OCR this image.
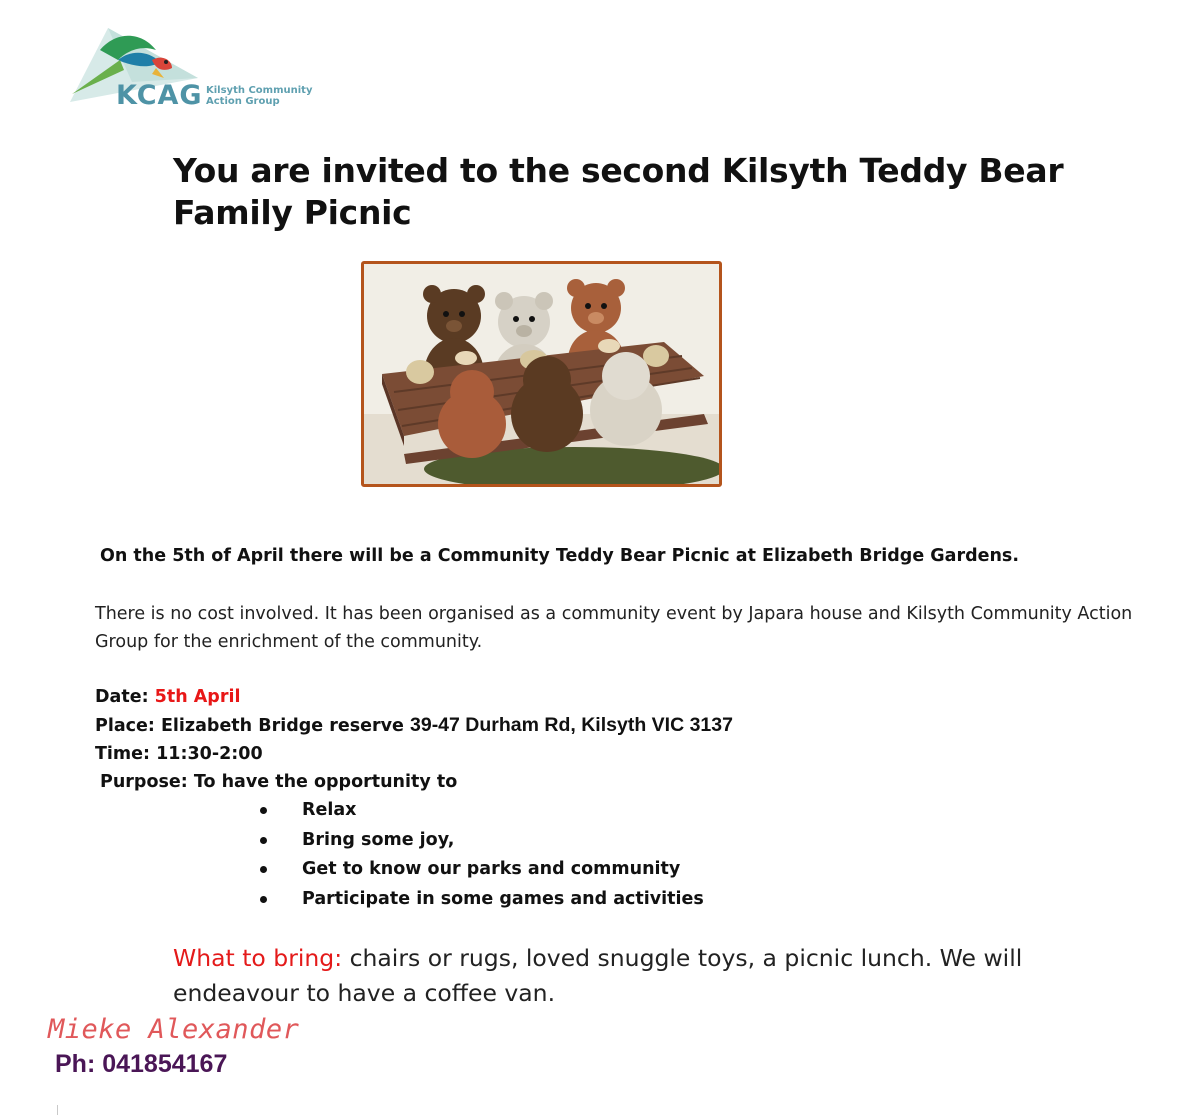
KCAG Kilsyth Community Action Group
You are invited to the second Kilsyth Teddy Bear Family Picnic

On the 5th of April there will be a Community Teddy Bear Picnic at Elizabeth Bridge Gardens.

There is no cost involved. It has been organised as a community event by Japara house and Kilsyth Community Action Group for the enrichment of the community.

Date: 5th April
Place: Elizabeth Bridge reserve 39-47 Durham Rd, Kilsyth VIC 3137
Time: 11:30-2:00
Purpose: To have the opportunity to
Relax
Bring some joy,
Get to know our parks and community
Participate in some games and activities

What to bring: chairs or rugs, loved snuggle toys, a picnic lunch. We will endeavour to have a coffee van.

Mieke Alexander
Ph: 041854167
